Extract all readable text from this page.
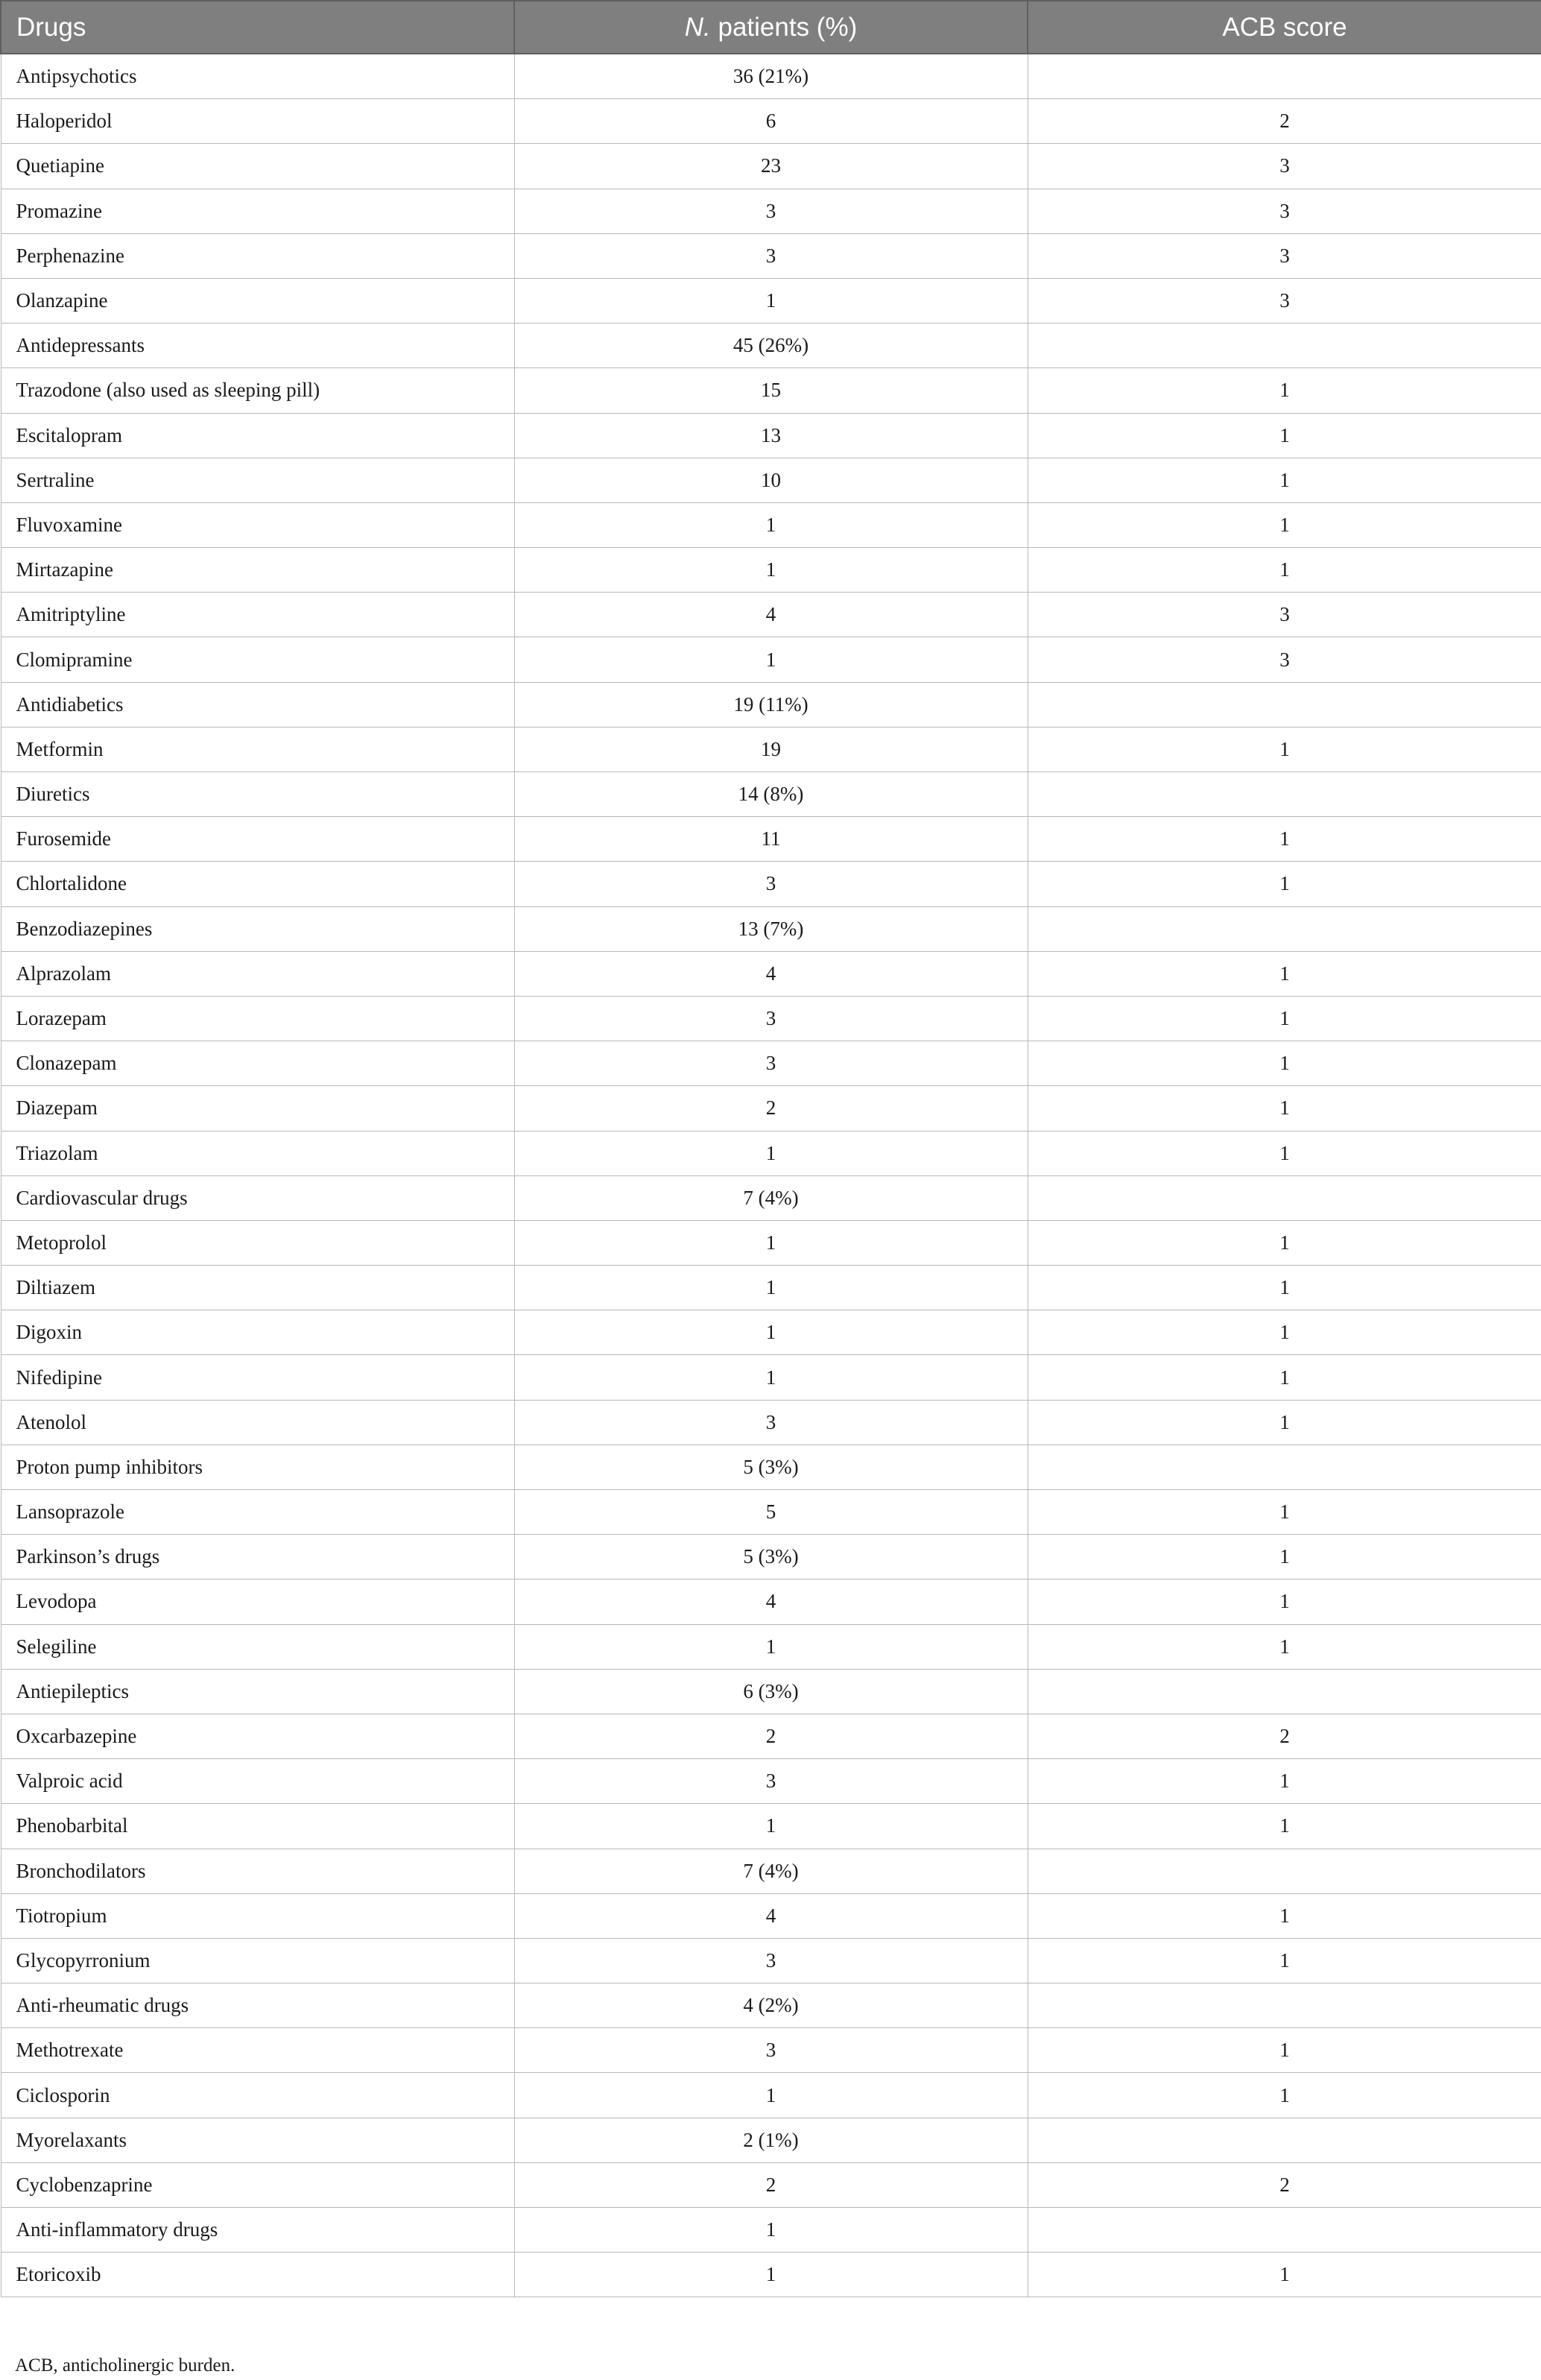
Drugs	N. patients (%)	ACB score
Antipsychotics	36 (21%)	
Haloperidol	6	2
Quetiapine	23	3
Promazine	3	3
Perphenazine	3	3
Olanzapine	1	3
Antidepressants	45 (26%)	
Trazodone (also used as sleeping pill)	15	1
Escitalopram	13	1
Sertraline	10	1
Fluvoxamine	1	1
Mirtazapine	1	1
Amitriptyline	4	3
Clomipramine	1	3
Antidiabetics	19 (11%)	
Metformin	19	1
Diuretics	14 (8%)	
Furosemide	11	1
Chlortalidone	3	1
Benzodiazepines	13 (7%)	
Alprazolam	4	1
Lorazepam	3	1
Clonazepam	3	1
Diazepam	2	1
Triazolam	1	1
Cardiovascular drugs	7 (4%)	
Metoprolol	1	1
Diltiazem	1	1
Digoxin	1	1
Nifedipine	1	1
Atenolol	3	1
Proton pump inhibitors	5 (3%)	
Lansoprazole	5	1
Parkinson’s drugs	5 (3%)	1
Levodopa	4	1
Selegiline	1	1
Antiepileptics	6 (3%)	
Oxcarbazepine	2	2
Valproic acid	3	1
Phenobarbital	1	1
Bronchodilators	7 (4%)	
Tiotropium	4	1
Glycopyrronium	3	1
Anti-rheumatic drugs	4 (2%)	
Methotrexate	3	1
Ciclosporin	1	1
Myorelaxants	2 (1%)	
Cyclobenzaprine	2	2
Anti-inflammatory drugs	1	
Etoricoxib	1	1
ACB, anticholinergic burden.
